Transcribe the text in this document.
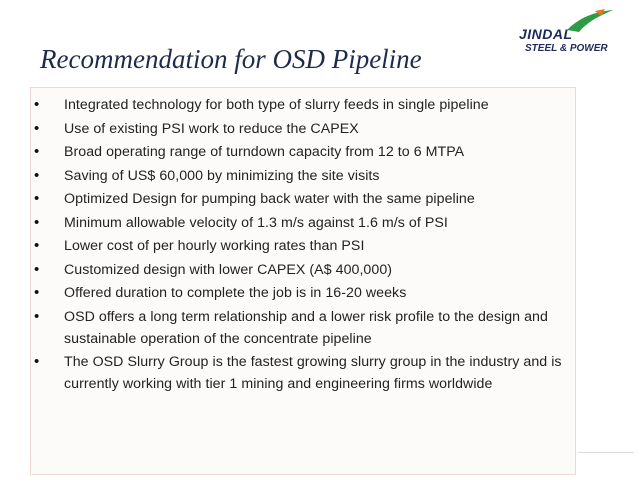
Recommendation for OSD Pipeline
JINDAL
STEEL & POWER
• Integrated technology for both type of slurry feeds in single pipeline
• Use of existing PSI work to reduce the CAPEX
• Broad operating range of turndown capacity from 12 to 6 MTPA
• Saving of US$ 60,000 by minimizing the site visits
• Optimized Design for pumping back water with the same pipeline
• Minimum allowable velocity of 1.3 m/s against 1.6 m/s of PSI
• Lower cost of per hourly working rates than PSI
• Customized design with lower CAPEX (A$ 400,000)
• Offered duration to complete the job is in 16-20 weeks
• OSD offers a long term relationship and a lower risk profile to the design and sustainable operation of the concentrate pipeline
• The OSD Slurry Group is the fastest growing slurry group in the industry and is currently working with tier 1 mining and engineering firms worldwide
